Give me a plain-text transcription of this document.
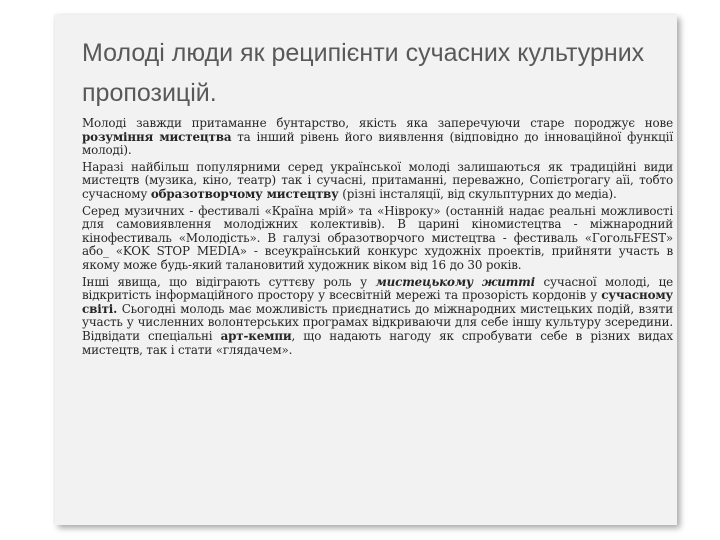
Молоді люди як реципієнти сучасних культурних пропозицій.

Молоді завжди притаманне бунтарство, якість яка заперечуючи старе породжує нове розуміння мистецтва та інший рівень його виявлення (відповідно до інноваційної функції молоді).

Наразі найбільш популярними серед української молоді залишаються як традиційні види мистецтв (музика, кіно, театр) так і сучасні, притаманні, переважно, Сопієтрогагу аїі, тобто сучасному образотворчому мистецтву (різні інсталяції, від скульптурних до медіа).

Серед музичних - фестивалі «Країна мрій» та «Нівроку» (останній надає реальні можливості для самовиявлення молодіжних колективів). В царині кіномистецтва - міжнародний кінофестиваль «Молодість». В галузі образотворчого мистецтва - фестиваль «ГогольFEST» або_ «KOK STOP MEDIA» - всеукраїнський конкурс художніх проектів, прийняти участь в якому може будь-який талановитий художник віком від 16 до 30 років.

Інші явища, що відіграють суттєву роль у мистецькому житті сучасної молоді, це відкритість інформаційного простору у всесвітній мережі та прозорість кордонів у сучасному світі. Сьогодні молодь має можливість приєднатись до міжнародних мистецьких подій, взяти участь у численних волонтерських програмах відкриваючи для себе іншу культуру зсередини. Відвідати спеціальні арт-кемпи, що надають нагоду як спробувати себе в різних видах мистецтв, так і стати «глядачем».
